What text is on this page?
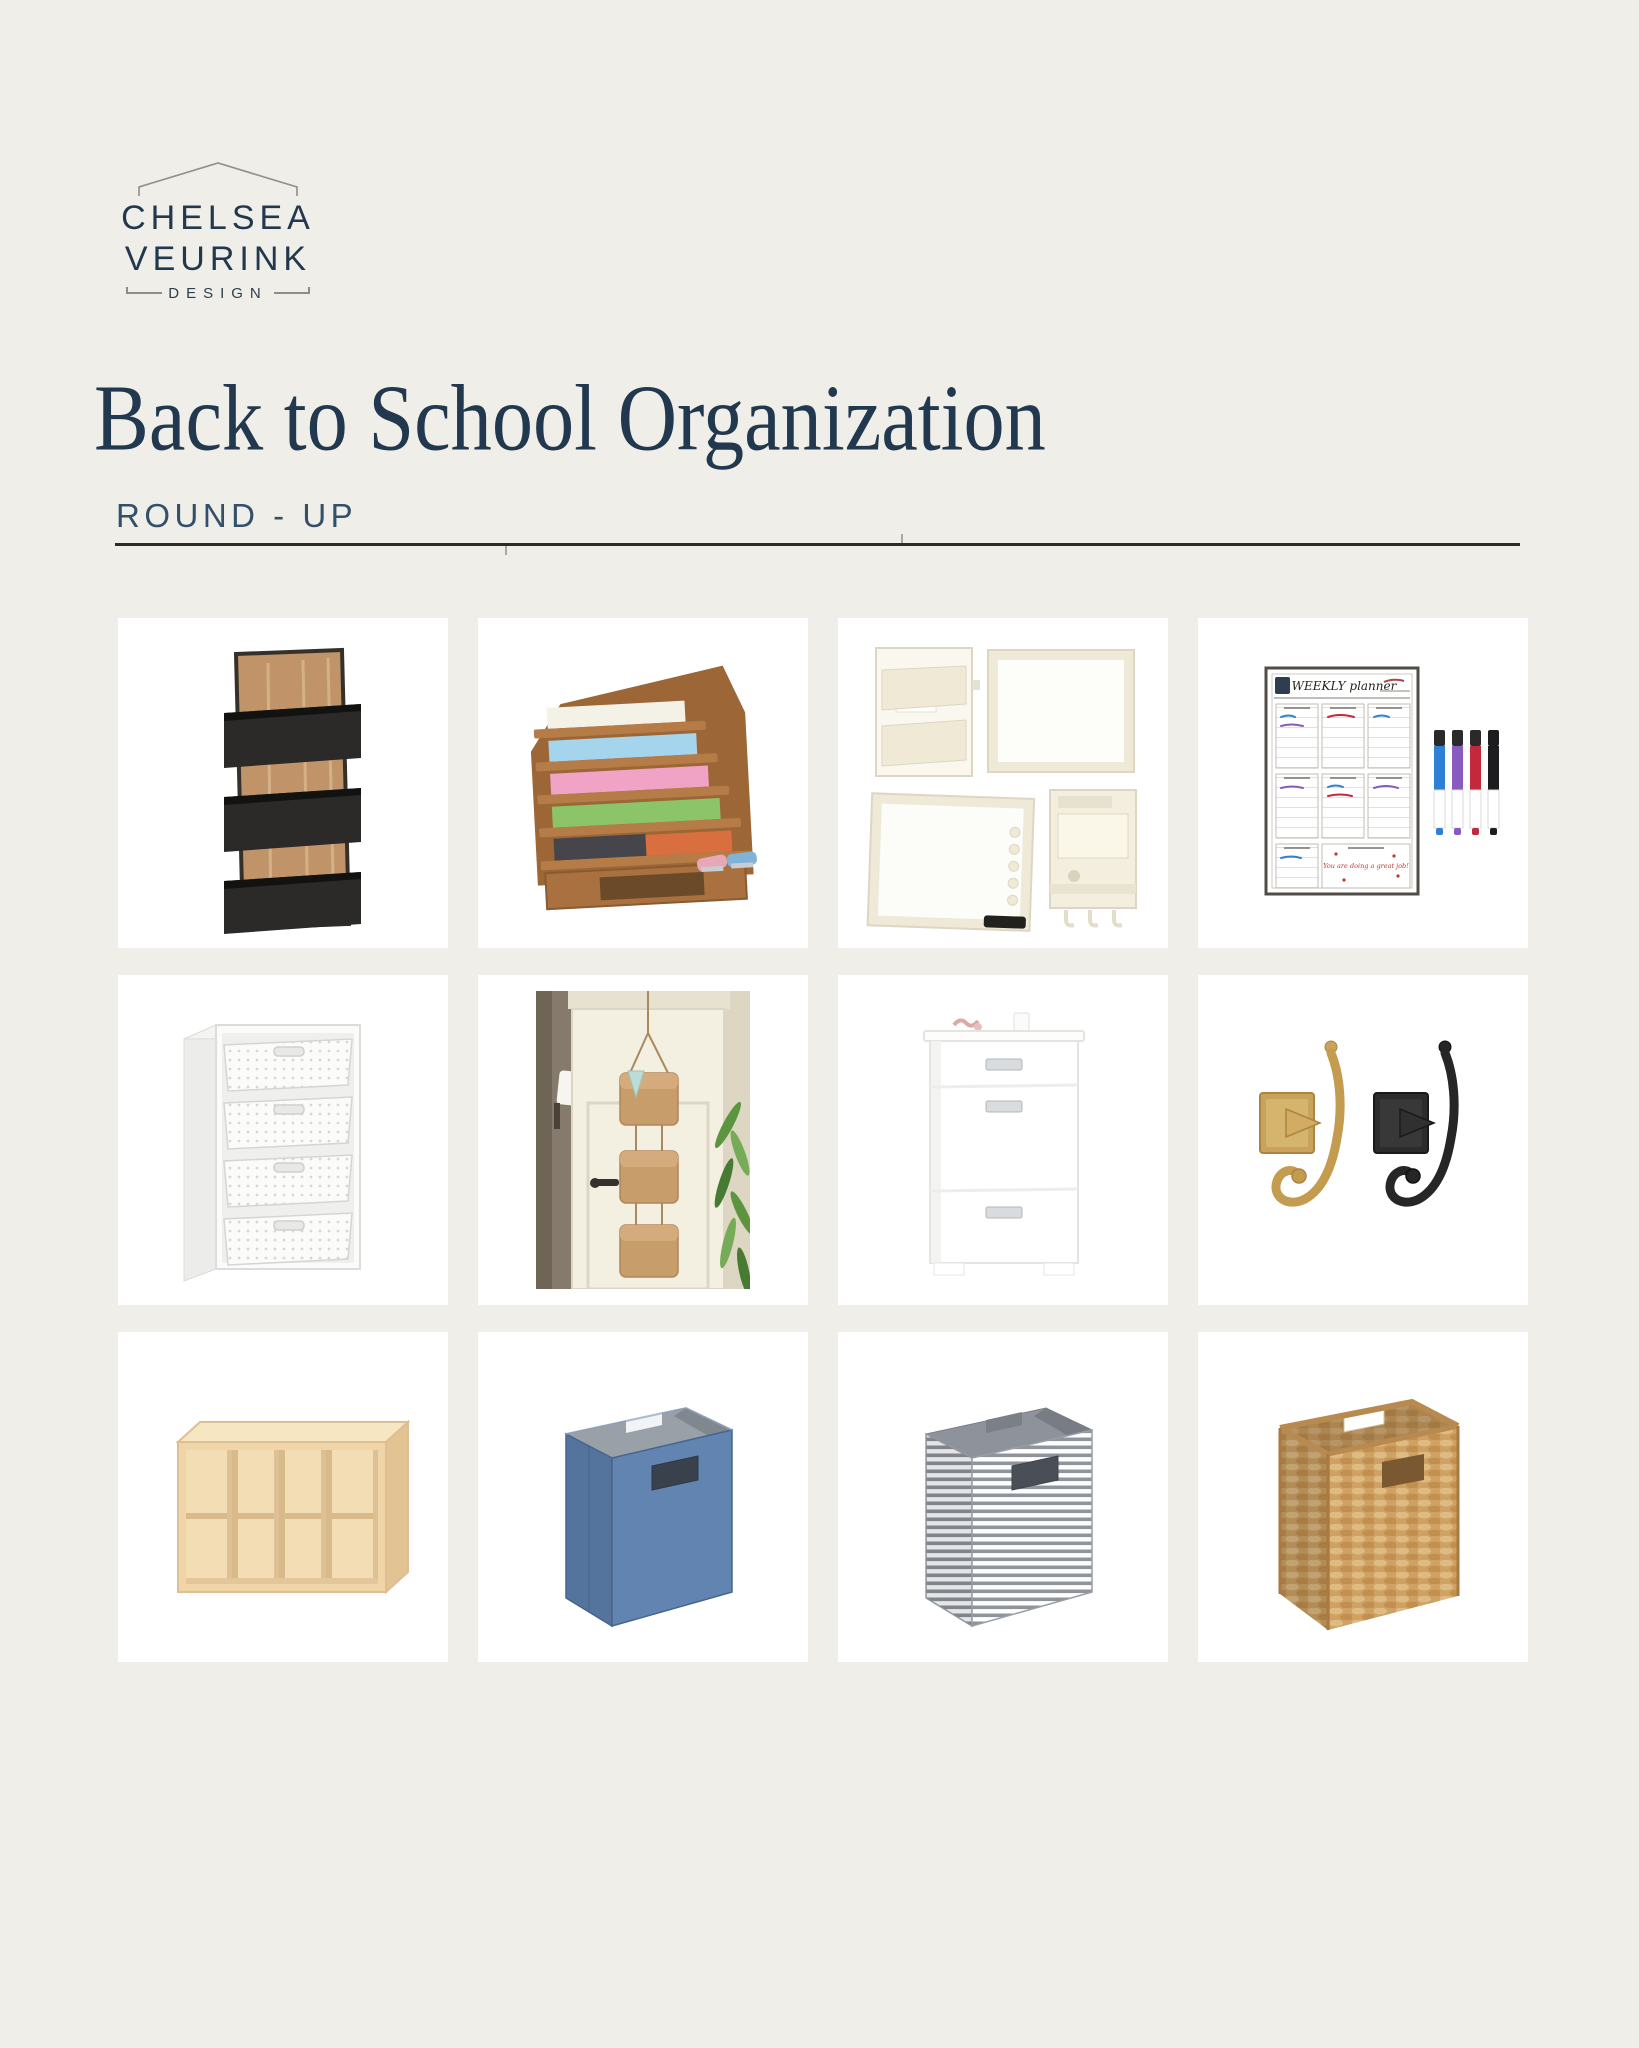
CHELSEA
VEURINK
DESIGN
Back to School Organization
ROUND - UP
WEEKLY planner
You are doing a great job!
